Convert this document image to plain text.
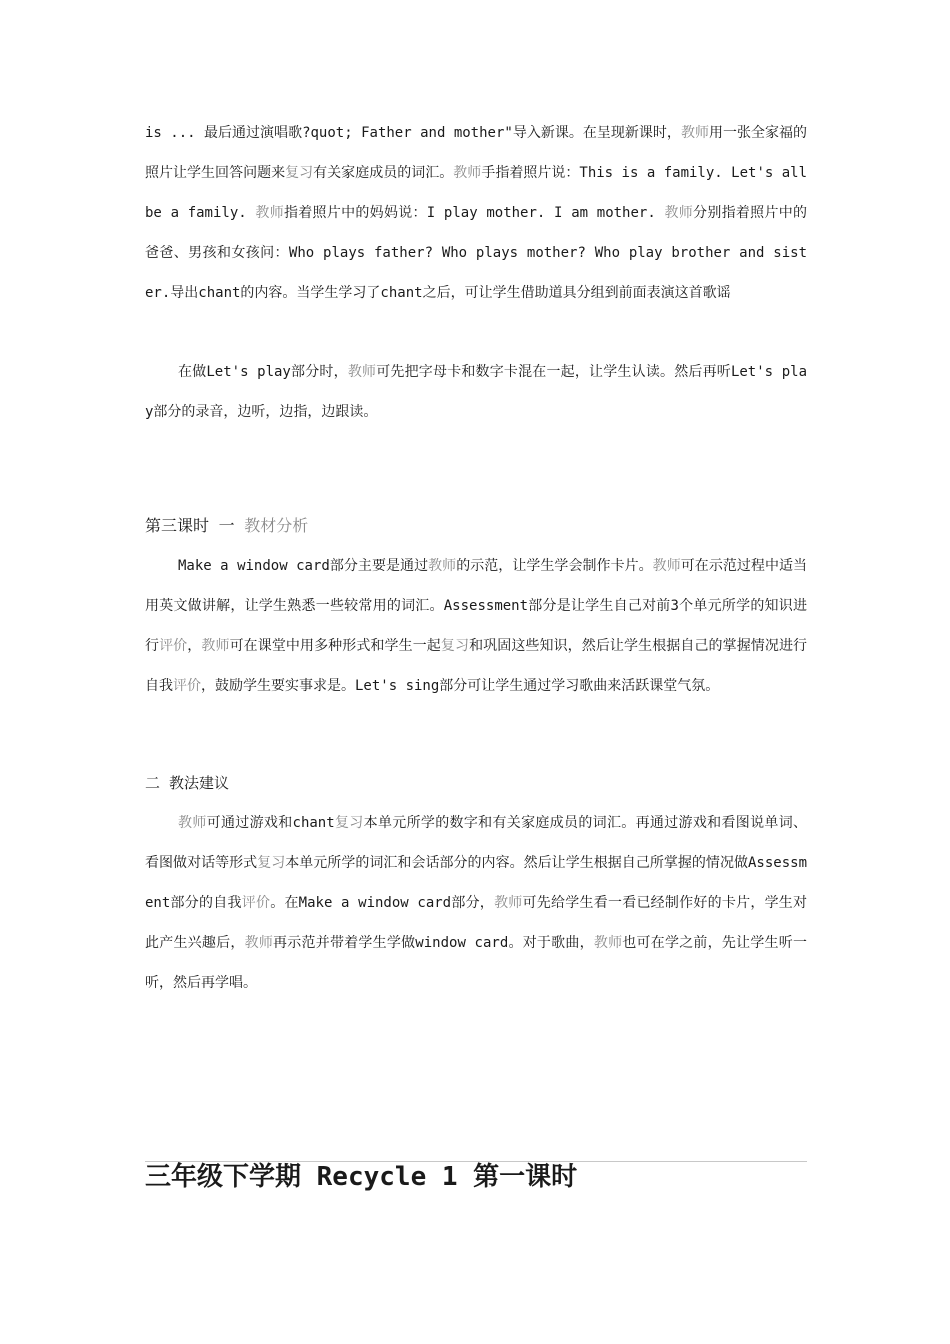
is ... 最后通过演唱歌?quot; Father and mother"导入新课。在呈现新课时，教师用一张全家福的照片让学生回答问题来复习有关家庭成员的词汇。教师手指着照片说：This is a family. Let's all be a family. 教师指着照片中的妈妈说：I play mother. I am mother. 教师分别指着照片中的爸爸、男孩和女孩问：Who plays father? Who plays mother? Who play brother and sister.导出chant的内容。当学生学习了chant之后，可让学生借助道具分组到前面表演这首歌谣

在做Let's play部分时，教师可先把字母卡和数字卡混在一起，让学生认读。然后再听Let's play部分的录音，边听，边指，边跟读。

第三课时 一 教材分析

Make a window card部分主要是通过教师的示范，让学生学会制作卡片。教师可在示范过程中适当用英文做讲解，让学生熟悉一些较常用的词汇。Assessment部分是让学生自己对前3个单元所学的知识进行评价，教师可在课堂中用多种形式和学生一起复习和巩固这些知识，然后让学生根据自己的掌握情况进行自我评价，鼓励学生要实事求是。Let's sing部分可让学生通过学习歌曲来活跃课堂气氛。

二 教法建议

教师可通过游戏和chant复习本单元所学的数字和有关家庭成员的词汇。再通过游戏和看图说单词、看图做对话等形式复习本单元所学的词汇和会话部分的内容。然后让学生根据自己所掌握的情况做Assessment部分的自我评价。在Make a window card部分，教师可先给学生看一看已经制作好的卡片，学生对此产生兴趣后，教师再示范并带着学生学做window card。对于歌曲，教师也可在学之前，先让学生听一听，然后再学唱。

三年级下学期 Recycle 1 第一课时
